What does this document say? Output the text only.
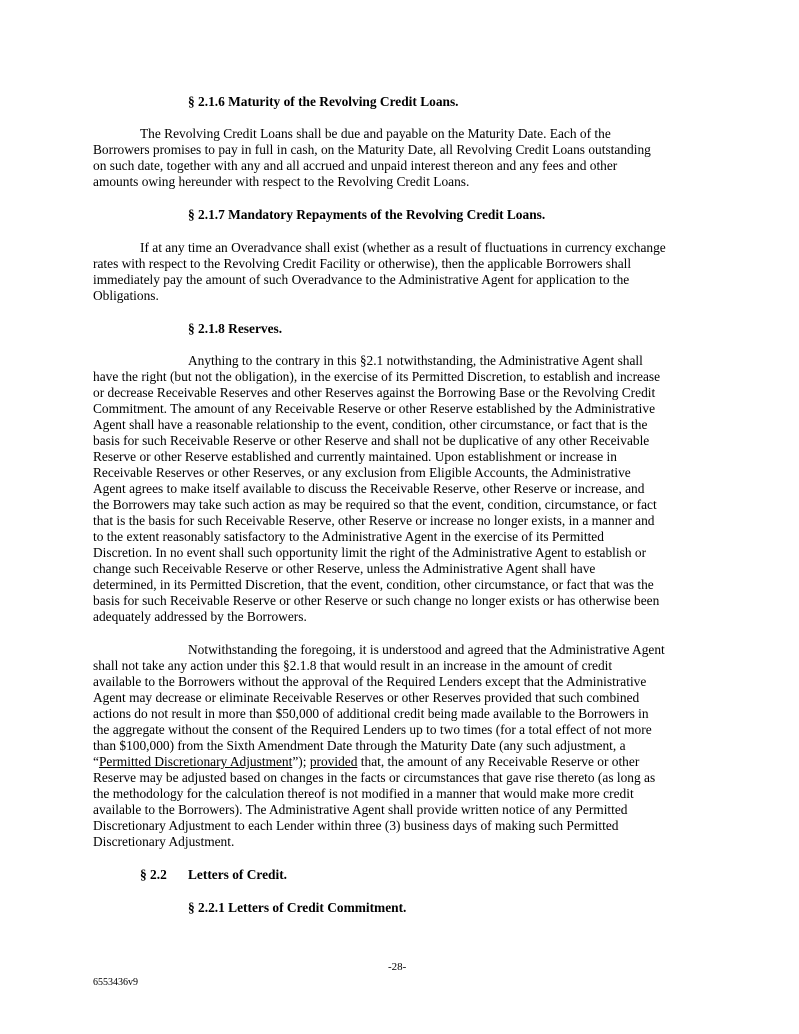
§ 2.1.6 Maturity of the Revolving Credit Loans.
The Revolving Credit Loans shall be due and payable on the Maturity Date. Each of the
Borrowers promises to pay in full in cash, on the Maturity Date, all Revolving Credit Loans outstanding
on such date, together with any and all accrued and unpaid interest thereon and any fees and other
amounts owing hereunder with respect to the Revolving Credit Loans.
§ 2.1.7 Mandatory Repayments of the Revolving Credit Loans.
If at any time an Overadvance shall exist (whether as a result of fluctuations in currency exchange
rates with respect to the Revolving Credit Facility or otherwise), then the applicable Borrowers shall
immediately pay the amount of such Overadvance to the Administrative Agent for application to the
Obligations.
§ 2.1.8 Reserves.
Anything to the contrary in this §2.1 notwithstanding, the Administrative Agent shall
have the right (but not the obligation), in the exercise of its Permitted Discretion, to establish and increase
or decrease Receivable Reserves and other Reserves against the Borrowing Base or the Revolving Credit
Commitment. The amount of any Receivable Reserve or other Reserve established by the Administrative
Agent shall have a reasonable relationship to the event, condition, other circumstance, or fact that is the
basis for such Receivable Reserve or other Reserve and shall not be duplicative of any other Receivable
Reserve or other Reserve established and currently maintained. Upon establishment or increase in
Receivable Reserves or other Reserves, or any exclusion from Eligible Accounts, the Administrative
Agent agrees to make itself available to discuss the Receivable Reserve, other Reserve or increase, and
the Borrowers may take such action as may be required so that the event, condition, circumstance, or fact
that is the basis for such Receivable Reserve, other Reserve or increase no longer exists, in a manner and
to the extent reasonably satisfactory to the Administrative Agent in the exercise of its Permitted
Discretion. In no event shall such opportunity limit the right of the Administrative Agent to establish or
change such Receivable Reserve or other Reserve, unless the Administrative Agent shall have
determined, in its Permitted Discretion, that the event, condition, other circumstance, or fact that was the
basis for such Receivable Reserve or other Reserve or such change no longer exists or has otherwise been
adequately addressed by the Borrowers.
Notwithstanding the foregoing, it is understood and agreed that the Administrative Agent
shall not take any action under this §2.1.8 that would result in an increase in the amount of credit
available to the Borrowers without the approval of the Required Lenders except that the Administrative
Agent may decrease or eliminate Receivable Reserves or other Reserves provided that such combined
actions do not result in more than $50,000 of additional credit being made available to the Borrowers in
the aggregate without the consent of the Required Lenders up to two times (for a total effect of not more
than $100,000) from the Sixth Amendment Date through the Maturity Date (any such adjustment, a
“Permitted Discretionary Adjustment”); provided that, the amount of any Receivable Reserve or other
Reserve may be adjusted based on changes in the facts or circumstances that gave rise thereto (as long as
the methodology for the calculation thereof is not modified in a manner that would make more credit
available to the Borrowers). The Administrative Agent shall provide written notice of any Permitted
Discretionary Adjustment to each Lender within three (3) business days of making such Permitted
Discretionary Adjustment.
§ 2.2 Letters of Credit.
§ 2.2.1 Letters of Credit Commitment.
-28-
6553436v9
